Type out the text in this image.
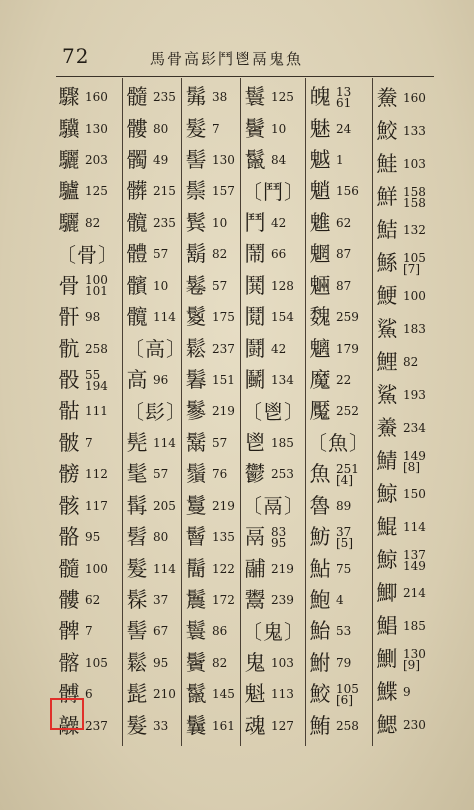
72	馬骨高髟鬥鬯鬲鬼魚
驟 160
驥 130
驪 203
驢 125
驪 82
〔骨〕
骨 100
101
骭 98
骯 258
骰 55
194
骷 111
骳 7
髈 112
骸 117
骼 95
髓 100
髏 62
髀 7
髂 105
髆 6
髞 237
髓 235
髏 80
髑 49
髒 215
髖 235
體 57
髕 10
髖 114
〔高〕
高 96
〔髟〕
髡 114
髦 57
髯 205
髫 80
髮 114
髹 37
髻 67
鬆 95
髭 210
髮 33
髴 38
髮 7
髻 130
鬃 157
鬂 10
鬍 82
鬈 57
鬉 175
鬆 237
鬊 151
鬖 219
鬗 57
鬚 76
鬘 219
鬙 135
鬝 122
鬞 172
鬟 86
鬢 82
鬣 145
鬤 161
鬟 125
鬢 10
鬣 84
〔鬥〕
鬥 42
鬧 66
鬨 128
鬩 154
鬪 42
鬭 134
〔鬯〕
鬯 185
鬱 253
〔鬲〕
鬲 83
95
鬴 219
鬻 239
〔鬼〕
鬼 103
魁 113
魂 127
魄 13
61
魅 24
魆 1
魈 156
魋 62
魍 87
魎 87
魏 259
魑 179
魔 22
魘 252
〔魚〕
魚 251
[4]
魯 89
魴 37
[5]
鮎 75
鮑 4
鮐 53
鮒 79
鮫 105
[6]
鮪 258
鮝 160
鮫 133
鮭 103
鮮 158
158
鮚 132
鯀 105
[7]
鯁 100
鯊 183
鯉 82
鯊 193
鯗 234
鯖 149
[8]
鯨 150
鯤 114
鯨 137
149
鯽 214
鯧 185
鰂 130
[9]
鰈 9
鰓 230
